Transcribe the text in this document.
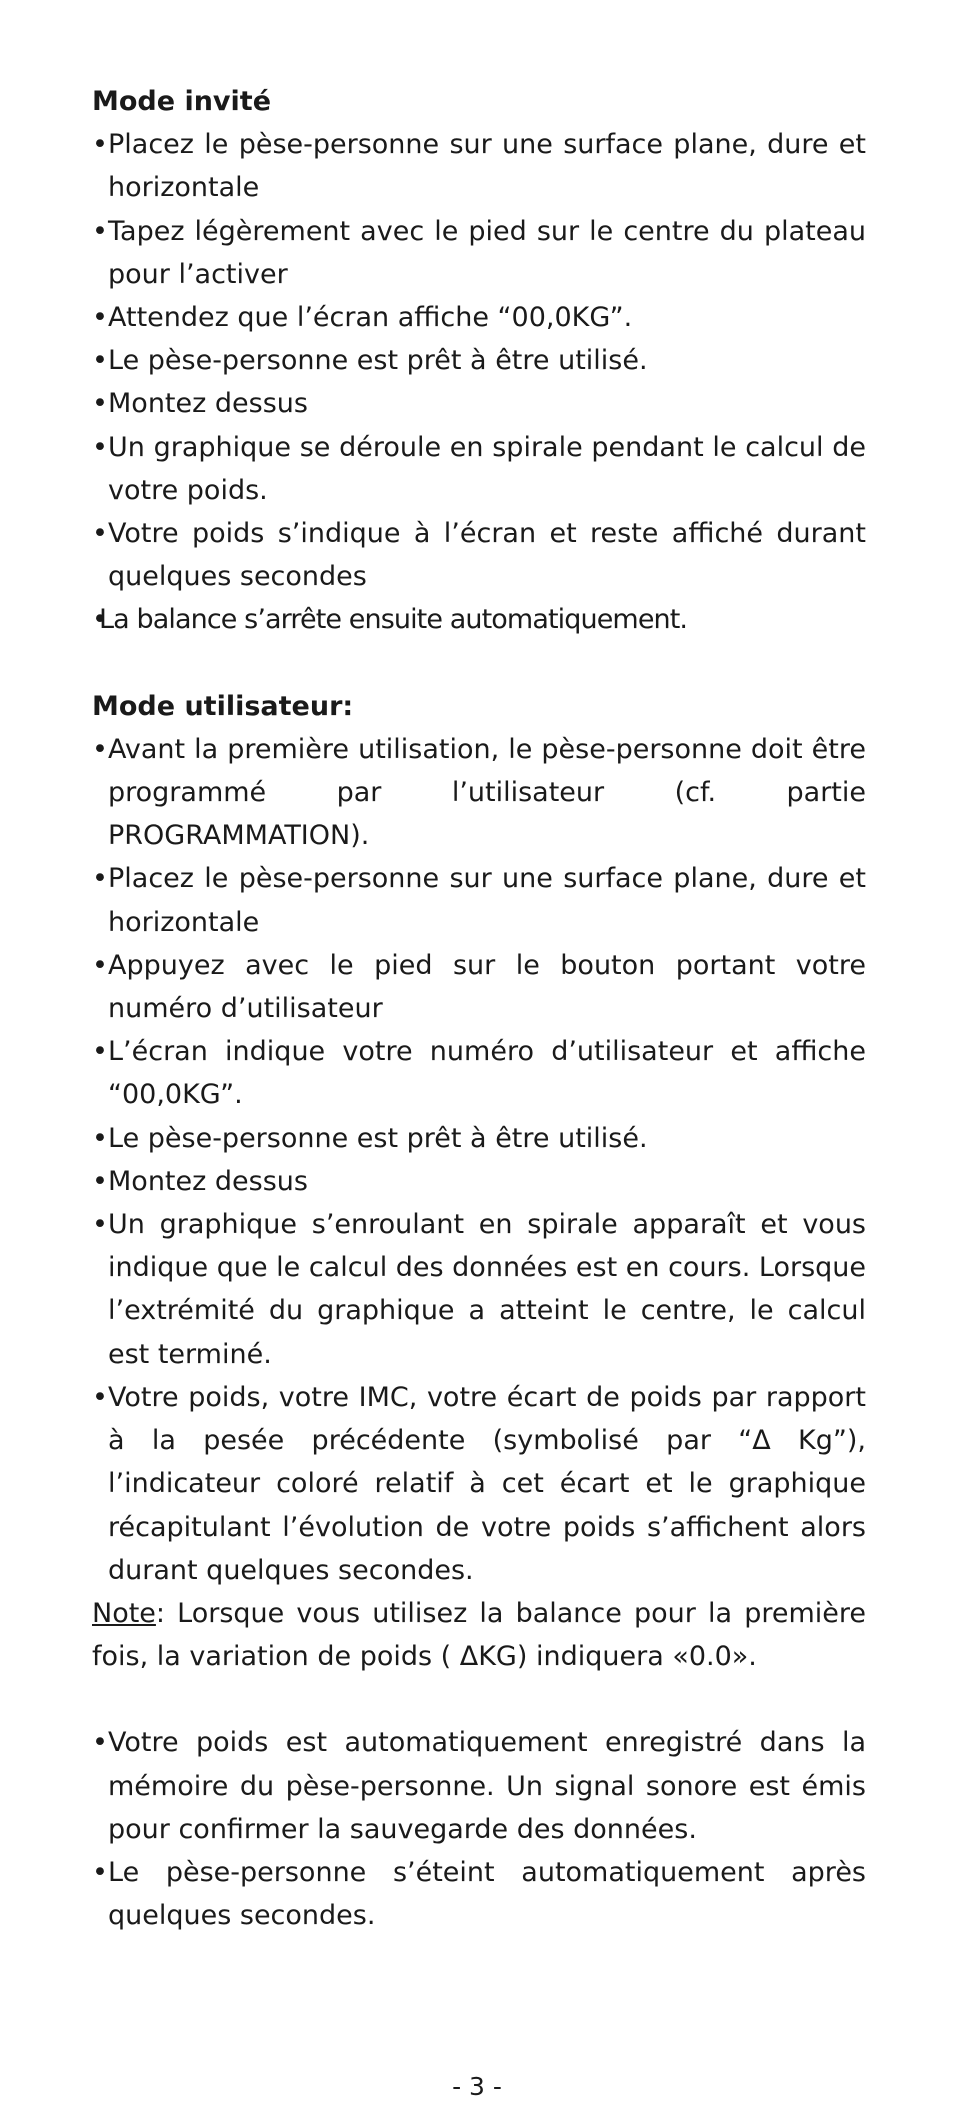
Mode invité

• Placez le pèse-personne sur une surface plane, dure et horizontale
• Tapez légèrement avec le pied sur le centre du plateau pour l’activer
• Attendez que l’écran affiche “00,0KG”.
• Le pèse-personne est prêt à être utilisé.
• Montez dessus
• Un graphique se déroule en spirale pendant le calcul de votre poids.
• Votre poids s’indique à l’écran et reste affiché durant quelques secondes
• La balance s’arrête ensuite automatiquement.

Mode utilisateur:

• Avant la première utilisation, le pèse-personne doit être programmé par l’utilisateur (cf. partie PROGRAMMATION).
• Placez le pèse-personne sur une surface plane, dure et horizontale
• Appuyez avec le pied sur le bouton portant votre numéro d’utilisateur
• L’écran indique votre numéro d’utilisateur et affiche “00,0KG”.
• Le pèse-personne est prêt à être utilisé.
• Montez dessus
• Un graphique s’enroulant en spirale apparaît et vous indique que le calcul des données est en cours. Lorsque l’extrémité du graphique a atteint le centre, le calcul est terminé.
• Votre poids, votre IMC, votre écart de poids par rapport à la pesée précédente (symbolisé par “Δ Kg”), l’indicateur coloré relatif à cet écart et le graphique récapitulant l’évolution de votre poids s’affichent alors durant quelques secondes.

Note: Lorsque vous utilisez la balance pour la première fois, la variation de poids ( ΔKG) indiquera «0.0».

• Votre poids est automatiquement enregistré dans la mémoire du pèse-personne. Un signal sonore est émis pour confirmer la sauvegarde des données.
• Le pèse-personne s’éteint automatiquement après quelques secondes.
- 3 -
